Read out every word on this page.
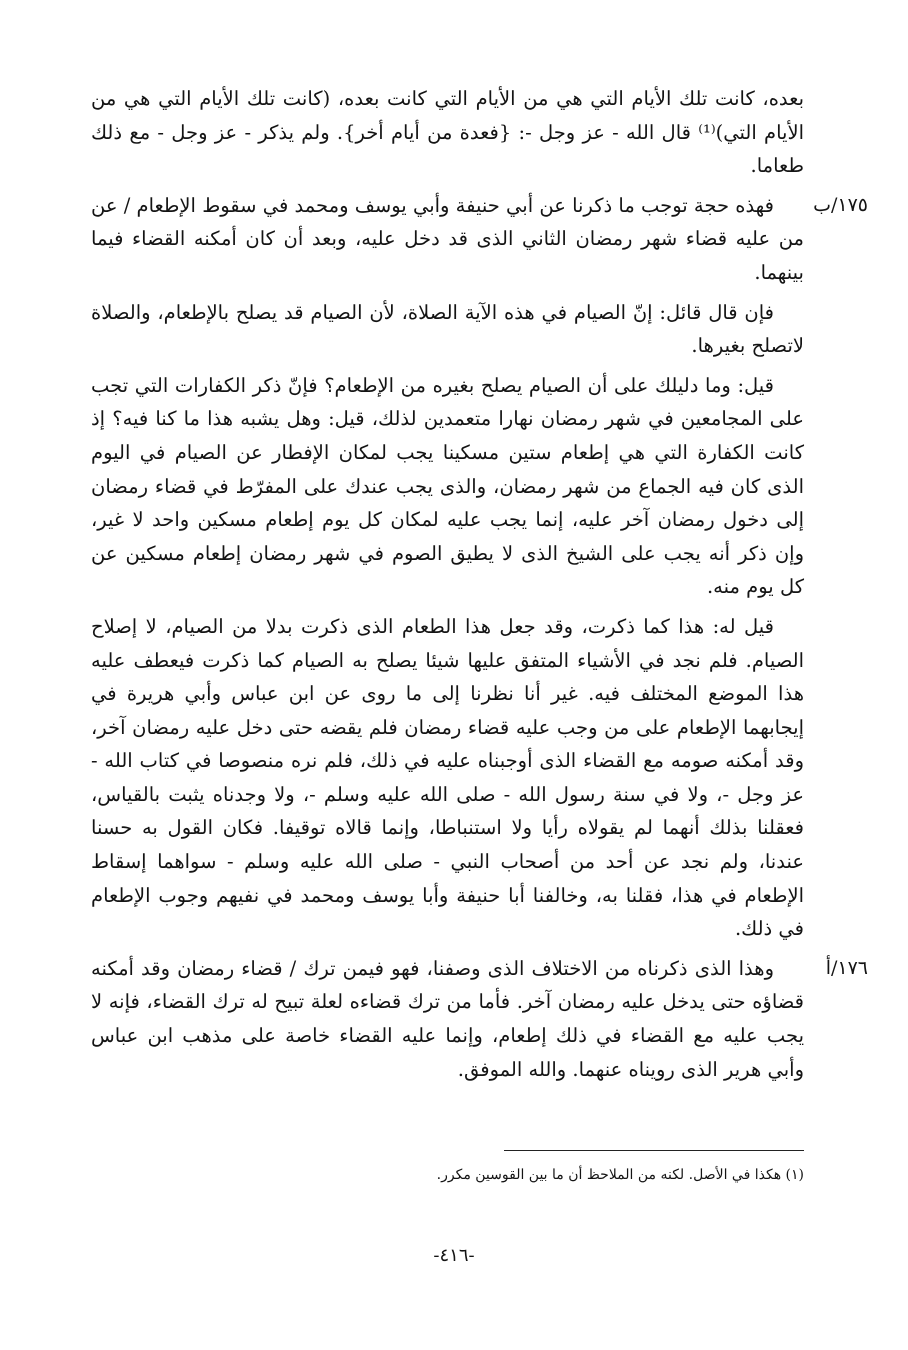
بعده، كانت تلك الأيام التي هي من الأيام التي كانت بعده، (كانت تلك الأيام التي هي من الأيام التي)⁽¹⁾ قال الله - عز وجل -: {فعدة من أيام أخر}. ولم يذكر - عز وجل - مع ذلك طعاما.

١٧٥/ب
فهذه حجة توجب ما ذكرنا عن أبي حنيفة وأبي يوسف ومحمد في سقوط الإطعام / عن من عليه قضاء شهر رمضان الثاني الذى قد دخل عليه، وبعد أن كان أمكنه القضاء فيما بينهما.

فإن قال قائل: إنّ الصيام في هذه الآية الصلاة، لأن الصيام قد يصلح بالإطعام، والصلاة لاتصلح بغيرها.

قيل: وما دليلك على أن الصيام يصلح بغيره من الإطعام؟ فإنّ ذكر الكفارات التي تجب على المجامعين في شهر رمضان نهارا متعمدين لذلك، قيل: وهل يشبه هذا ما كنا فيه؟ إذ كانت الكفارة التي هي إطعام ستين مسكينا يجب لمكان الإفطار عن الصيام في اليوم الذى كان فيه الجماع من شهر رمضان، والذى يجب عندك على المفرّط في قضاء رمضان إلى دخول رمضان آخر عليه، إنما يجب عليه لمكان كل يوم إطعام مسكين واحد لا غير، وإن ذكر أنه يجب على الشيخ الذى لا يطيق الصوم في شهر رمضان إطعام مسكين عن كل يوم منه.

قيل له: هذا كما ذكرت، وقد جعل هذا الطعام الذى ذكرت بدلا من الصيام، لا إصلاح الصيام. فلم نجد في الأشياء المتفق عليها شيئا يصلح به الصيام كما ذكرت فيعطف عليه هذا الموضع المختلف فيه. غير أنا نظرنا إلى ما روى عن ابن عباس وأبي هريرة في إيجابهما الإطعام على من وجب عليه قضاء رمضان فلم يقضه حتى دخل عليه رمضان آخر، وقد أمكنه صومه مع القضاء الذى أوجبناه عليه في ذلك، فلم نره منصوصا في كتاب الله - عز وجل -، ولا في سنة رسول الله - صلى الله عليه وسلم -، ولا وجدناه يثبت بالقياس، فعقلنا بذلك أنهما لم يقولاه رأيا ولا استنباطا، وإنما قالاه توقيفا. فكان القول به حسنا عندنا، ولم نجد عن أحد من أصحاب النبي - صلى الله عليه وسلم - سواهما إسقاط الإطعام في هذا، فقلنا به، وخالفنا أبا حنيفة وأبا يوسف ومحمد في نفيهم وجوب الإطعام في ذلك.

١٧٦/أ
وهذا الذى ذكرناه من الاختلاف الذى وصفنا، فهو فيمن ترك / قضاء رمضان وقد أمكنه قضاؤه حتى يدخل عليه رمضان آخر. فأما من ترك قضاءه لعلة تبيح له ترك القضاء، فإنه لا يجب عليه مع القضاء في ذلك إطعام، وإنما عليه القضاء خاصة على مذهب ابن عباس وأبي هرير الذى رويناه عنهما. والله الموفق.

(١) هكذا في الأصل. لكنه من الملاحظ أن ما بين القوسين مكرر.
-٤١٦-
